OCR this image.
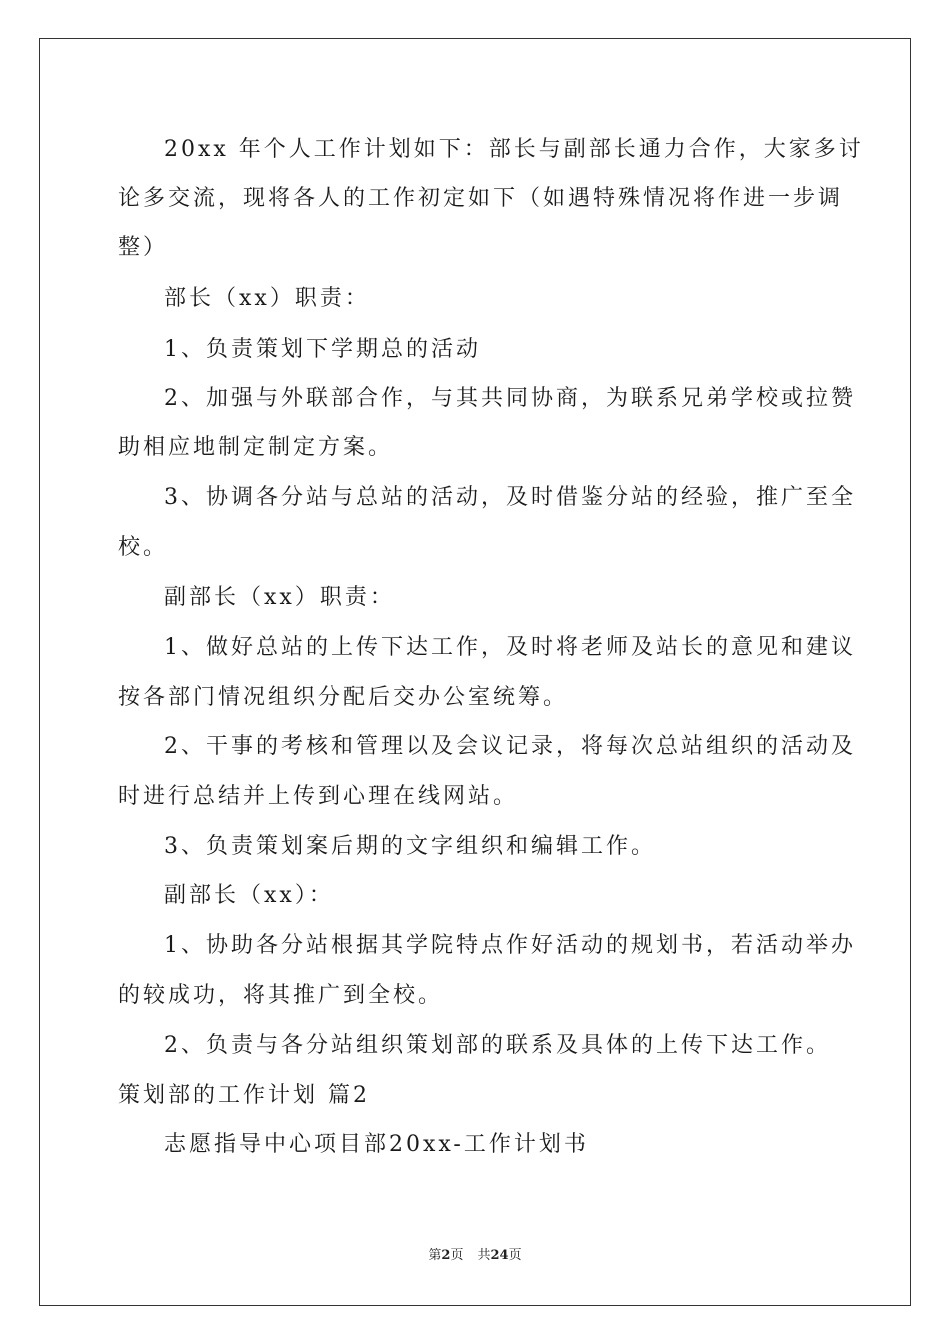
20xx 年个人工作计划如下：部长与副部长通力合作，大家多讨
论多交流，现将各人的工作初定如下（如遇特殊情况将作进一步调
整）
部长（xx）职责：
1、负责策划下学期总的活动
2、加强与外联部合作，与其共同协商，为联系兄弟学校或拉赞
助相应地制定制定方案。
3、协调各分站与总站的活动，及时借鉴分站的经验，推广至全
校。
副部长（xx）职责：
1、做好总站的上传下达工作，及时将老师及站长的意见和建议
按各部门情况组织分配后交办公室统筹。
2、干事的考核和管理以及会议记录，将每次总站组织的活动及
时进行总结并上传到心理在线网站。
3、负责策划案后期的文字组织和编辑工作。
副部长（xx）：
1、协助各分站根据其学院特点作好活动的规划书，若活动举办
的较成功，将其推广到全校。
2、负责与各分站组织策划部的联系及具体的上传下达工作。
策划部的工作计划 篇2
志愿指导中心项目部20xx-工作计划书
第2页 共24页
